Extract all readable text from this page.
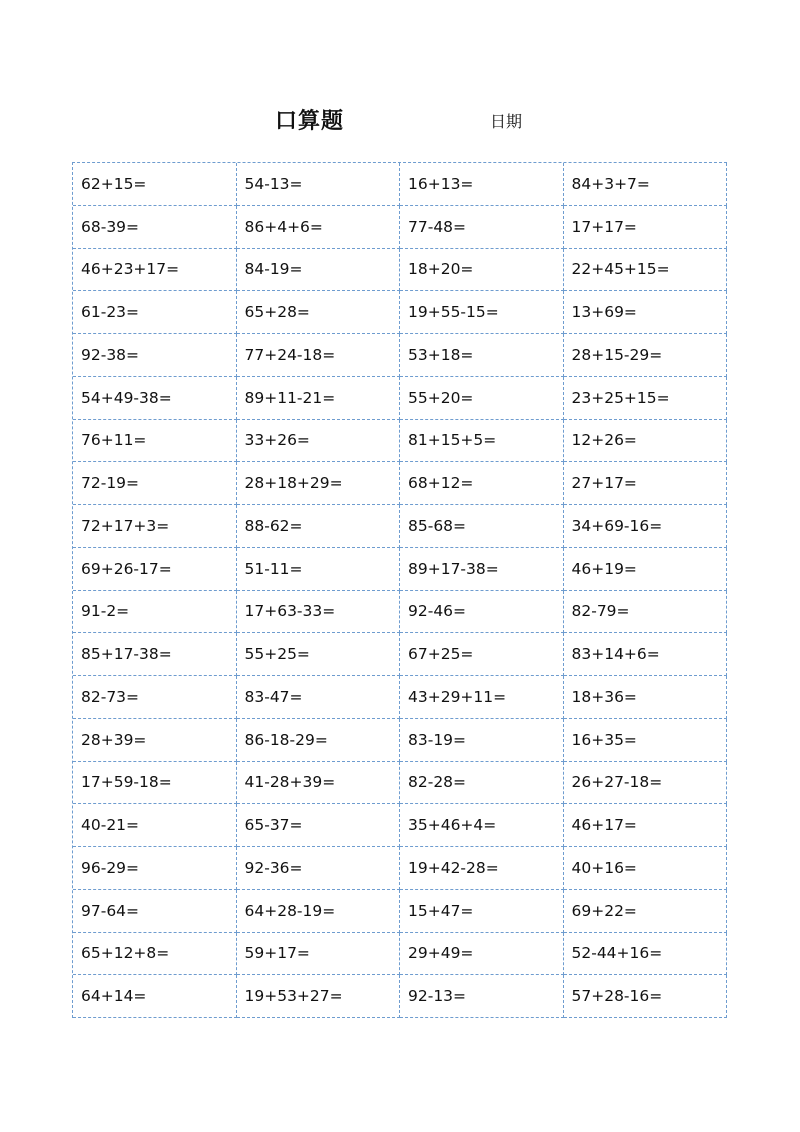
口算题	日期
62+15=	54-13=	16+13=	84+3+7=
68-39=	86+4+6=	77-48=	17+17=
46+23+17=	84-19=	18+20=	22+45+15=
61-23=	65+28=	19+55-15=	13+69=
92-38=	77+24-18=	53+18=	28+15-29=
54+49-38=	89+11-21=	55+20=	23+25+15=
76+11=	33+26=	81+15+5=	12+26=
72-19=	28+18+29=	68+12=	27+17=
72+17+3=	88-62=	85-68=	34+69-16=
69+26-17=	51-11=	89+17-38=	46+19=
91-2=	17+63-33=	92-46=	82-79=
85+17-38=	55+25=	67+25=	83+14+6=
82-73=	83-47=	43+29+11=	18+36=
28+39=	86-18-29=	83-19=	16+35=
17+59-18=	41-28+39=	82-28=	26+27-18=
40-21=	65-37=	35+46+4=	46+17=
96-29=	92-36=	19+42-28=	40+16=
97-64=	64+28-19=	15+47=	69+22=
65+12+8=	59+17=	29+49=	52-44+16=
64+14=	19+53+27=	92-13=	57+28-16=
